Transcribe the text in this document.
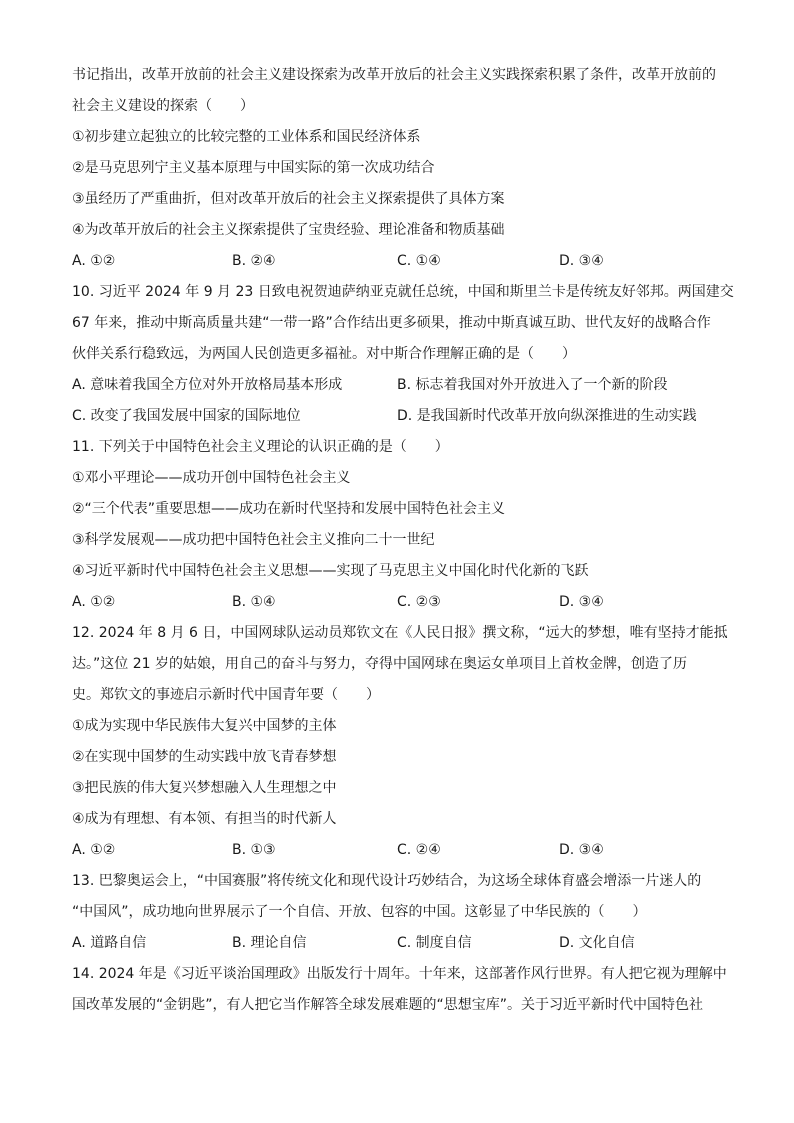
书记指出，改革开放前的社会主义建设探索为改革开放后的社会主义实践探索积累了条件，改革开放前的
社会主义建设的探索（　　）
①初步建立起独立的比较完整的工业体系和国民经济体系
②是马克思列宁主义基本原理与中国实际的第一次成功结合
③虽经历了严重曲折，但对改革开放后的社会主义探索提供了具体方案
④为改革开放后的社会主义探索提供了宝贵经验、理论准备和物质基础
A. ①②	B. ②④	C. ①④	D. ③④
10. 习近平 2024 年 9 月 23 日致电祝贺迪萨纳亚克就任总统，中国和斯里兰卡是传统友好邻邦。两国建交
67 年来，推动中斯高质量共建“一带一路”合作结出更多硕果，推动中斯真诚互助、世代友好的战略合作
伙伴关系行稳致远，为两国人民创造更多福祉。对中斯合作理解正确的是（　　）
A. 意味着我国全方位对外开放格局基本形成	B. 标志着我国对外开放进入了一个新的阶段
C. 改变了我国发展中国家的国际地位	D. 是我国新时代改革开放向纵深推进的生动实践
11. 下列关于中国特色社会主义理论的认识正确的是（　　）
①邓小平理论——成功开创中国特色社会主义
②“三个代表”重要思想——成功在新时代坚持和发展中国特色社会主义
③科学发展观——成功把中国特色社会主义推向二十一世纪
④习近平新时代中国特色社会主义思想——实现了马克思主义中国化时代化新的飞跃
A. ①②	B. ①④	C. ②③	D. ③④
12. 2024 年 8 月 6 日，中国网球队运动员郑钦文在《人民日报》撰文称，“远大的梦想，唯有坚持才能抵
达。”这位 21 岁的姑娘，用自己的奋斗与努力，夺得中国网球在奥运女单项目上首枚金牌，创造了历
史。郑钦文的事迹启示新时代中国青年要（　　）
①成为实现中华民族伟大复兴中国梦的主体
②在实现中国梦的生动实践中放飞青春梦想
③把民族的伟大复兴梦想融入人生理想之中
④成为有理想、有本领、有担当的时代新人
A. ①②	B. ①③	C. ②④	D. ③④
13. 巴黎奥运会上，“中国赛服”将传统文化和现代设计巧妙结合，为这场全球体育盛会增添一片迷人的
“中国风”，成功地向世界展示了一个自信、开放、包容的中国。这彰显了中华民族的（　　）
A. 道路自信	B. 理论自信	C. 制度自信	D. 文化自信
14. 2024 年是《习近平谈治国理政》出版发行十周年。十年来，这部著作风行世界。有人把它视为理解中
国改革发展的“金钥匙”，有人把它当作解答全球发展难题的“思想宝库”。关于习近平新时代中国特色社
